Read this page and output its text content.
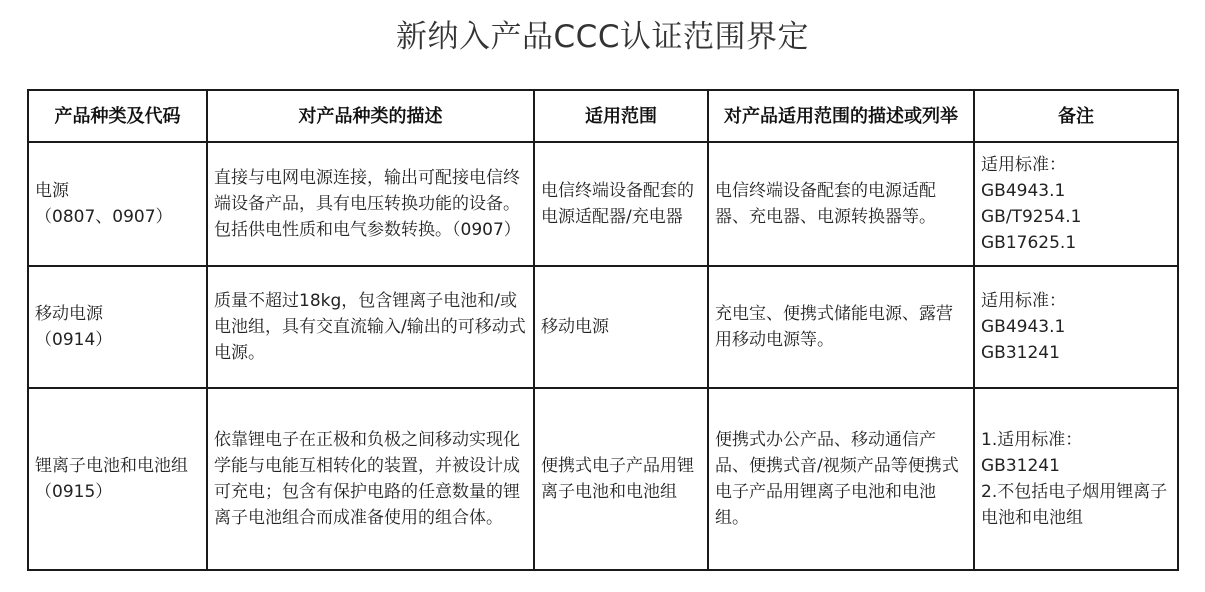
新纳入产品CCC认证范围界定
产品种类及代码	对产品种类的描述	适用范围	对产品适用范围的描述或列举	备注

电源
（0807、0907）	直接与电网电源连接，输出可配接电信终端设备产品，具有电压转换功能的设备。包括供电性质和电气参数转换。（0907）	电信终端设备配套的电源适配器/充电器	电信终端设备配套的电源适配器、充电器、电源转换器等。	适用标准：
GB4943.1
GB/T9254.1
GB17625.1

移动电源
（0914）	质量不超过18kg，包含锂离子电池和/或电池组，具有交直流输入/输出的可移动式电源。	移动电源	充电宝、便携式储能电源、露营用移动电源等。	适用标准：
GB4943.1
GB31241

锂离子电池和电池组
（0915）	依靠锂电子在正极和负极之间移动实现化学能与电能互相转化的装置，并被设计成可充电；包含有保护电路的任意数量的锂离子电池组合而成准备使用的组合体。	便携式电子产品用锂离子电池和电池组	便携式办公产品、移动通信产品、便携式音/视频产品等便携式电子产品用锂离子电池和电池组。	1.适用标准：
GB31241
2.不包括电子烟用锂离子电池和电池组
